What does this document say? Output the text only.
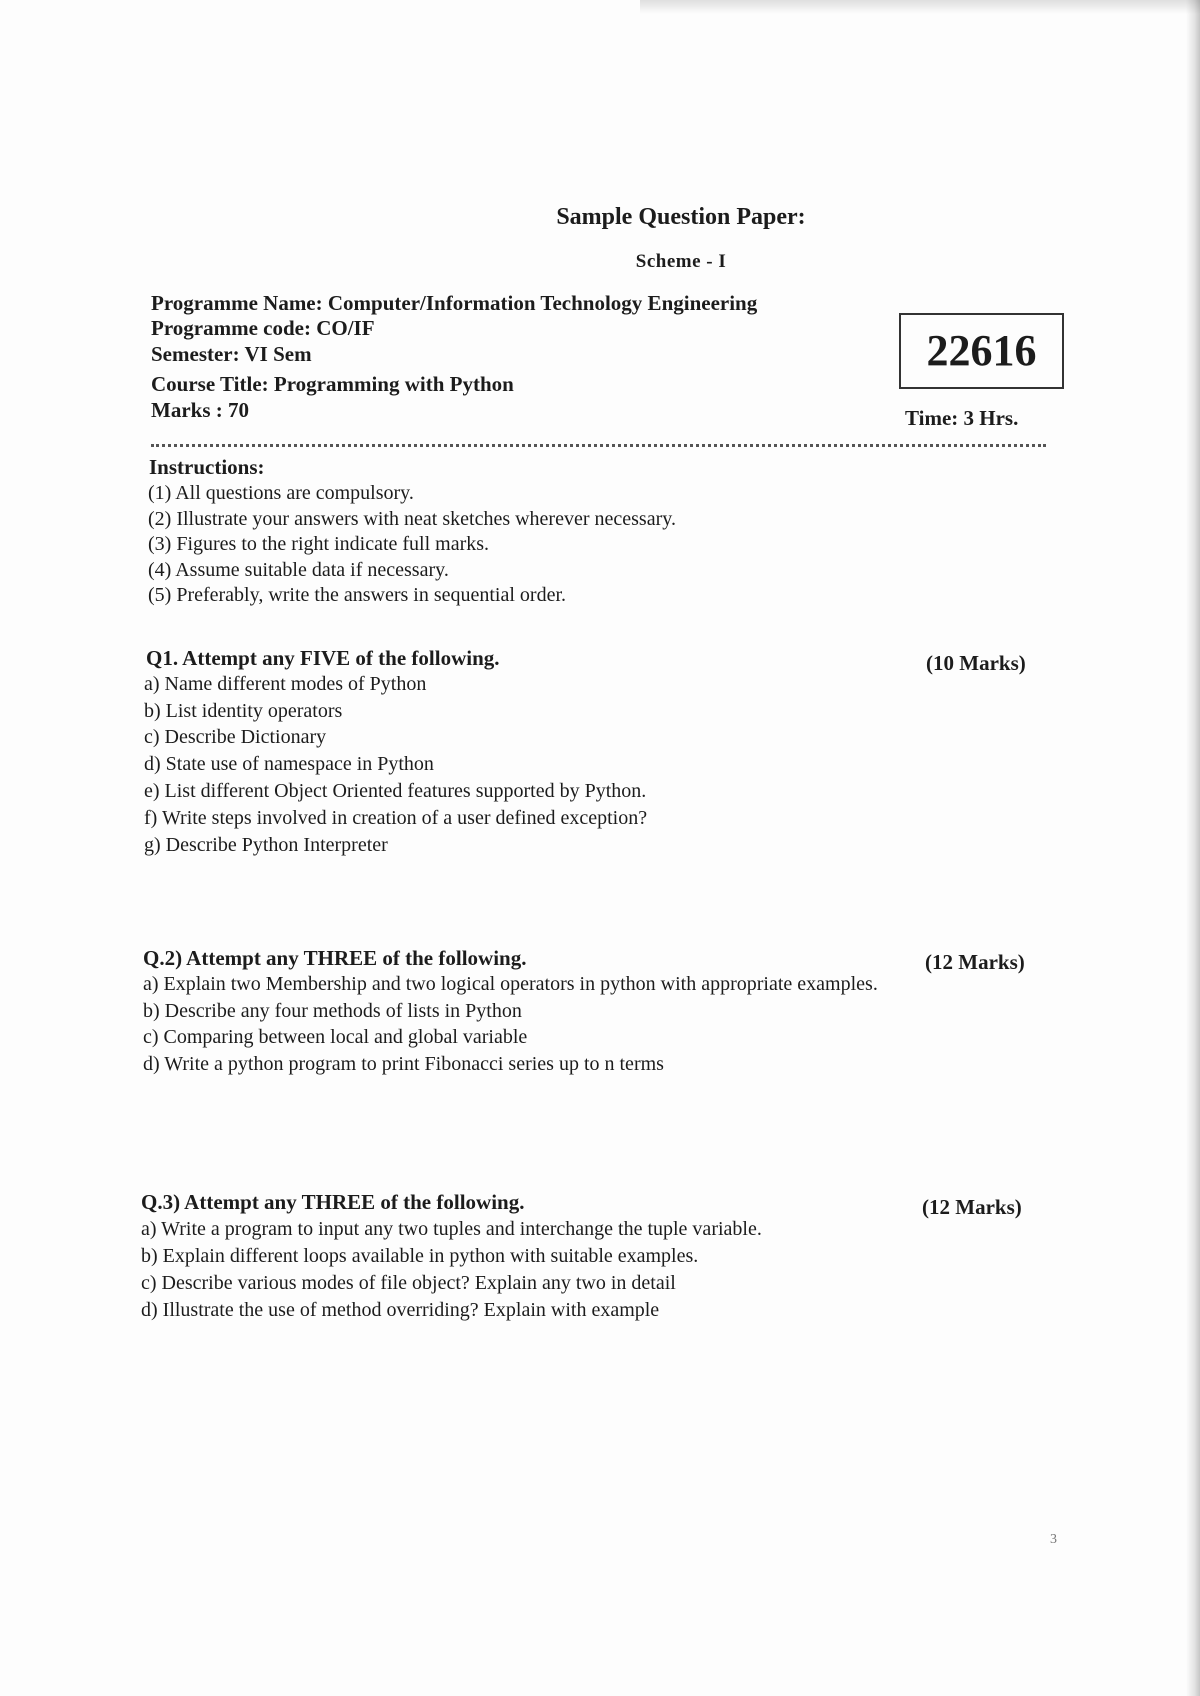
Sample Question Paper:
Scheme - I
Programme Name: Computer/Information Technology Engineering
Programme code: CO/IF
Semester: VI Sem
Course Title: Programming with Python
Marks : 70
22616
Time: 3 Hrs.
Instructions:
(1) All questions are compulsory.
(2) Illustrate your answers with neat sketches wherever necessary.
(3) Figures to the right indicate full marks.
(4) Assume suitable data if necessary.
(5) Preferably, write the answers in sequential order.
Q1. Attempt any FIVE of the following.	(10 Marks)
a) Name different modes of Python
b) List identity operators
c) Describe Dictionary
d) State use of namespace in Python
e) List different Object Oriented features supported by Python.
f) Write steps involved in creation of a user defined exception?
g) Describe Python Interpreter
Q.2) Attempt any THREE of the following.	(12 Marks)
a) Explain two Membership and two logical operators in python with appropriate examples.
b) Describe any four methods of lists in Python
c) Comparing between local and global variable
d) Write a python program to print Fibonacci series up to n terms
Q.3) Attempt any THREE of the following.	(12 Marks)
a) Write a program to input any two tuples and interchange the tuple variable.
b) Explain different loops available in python with suitable examples.
c) Describe various modes of file object? Explain any two in detail
d) Illustrate the use of method overriding? Explain with example
3
